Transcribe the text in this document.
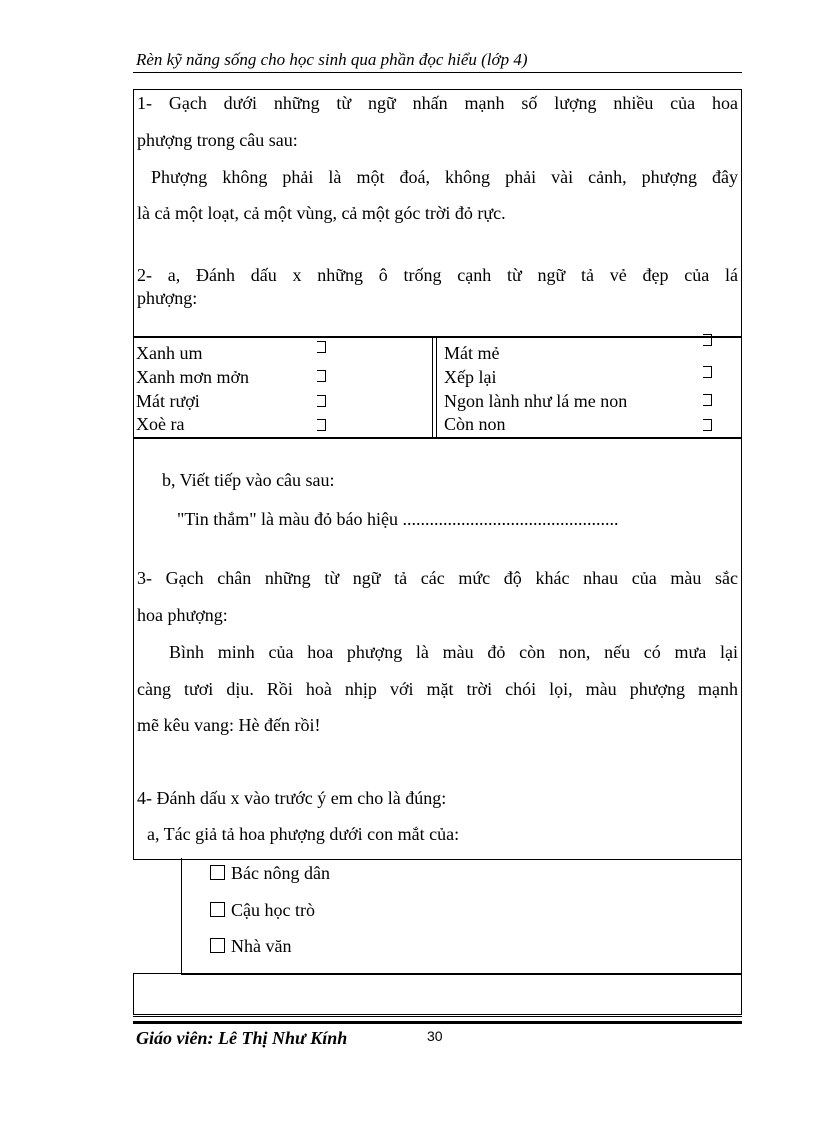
Rèn kỹ năng sống cho học sinh qua phần đọc hiểu (lớp 4)
1- Gạch dưới những từ ngữ nhấn mạnh số lượng nhiều của hoa
phượng trong câu sau:
Phượng không phải là một đoá, không phải vài cảnh, phượng đây
là cả một loạt, cả một vùng, cả một góc trời đỏ rực.
2- a, Đánh dấu x những ô trống cạnh từ ngữ tả vẻ đẹp của lá
phượng:
Xanh um
Xanh mơn mởn
Mát rượi
Xoè ra
Mát mẻ
Xếp lại
Ngon lành như lá me non
Còn non
b, Viết tiếp vào câu sau:
"Tin thắm" là màu đỏ báo hiệu ................................................
3- Gạch chân những từ ngữ tả các mức độ khác nhau của màu sắc
hoa phượng:
Bình minh của hoa phượng là màu đỏ còn non, nếu có mưa lại
càng tươi dịu. Rồi hoà nhịp với mặt trời chói lọi, màu phượng mạnh
mẽ kêu vang: Hè đến rồi!
4- Đánh dấu x vào trước ý em cho là đúng:
a, Tác giả tả hoa phượng dưới con mắt của:
Bác nông dân
Cậu học trò
Nhà văn
Giáo viên: Lê Thị Như Kính	30
